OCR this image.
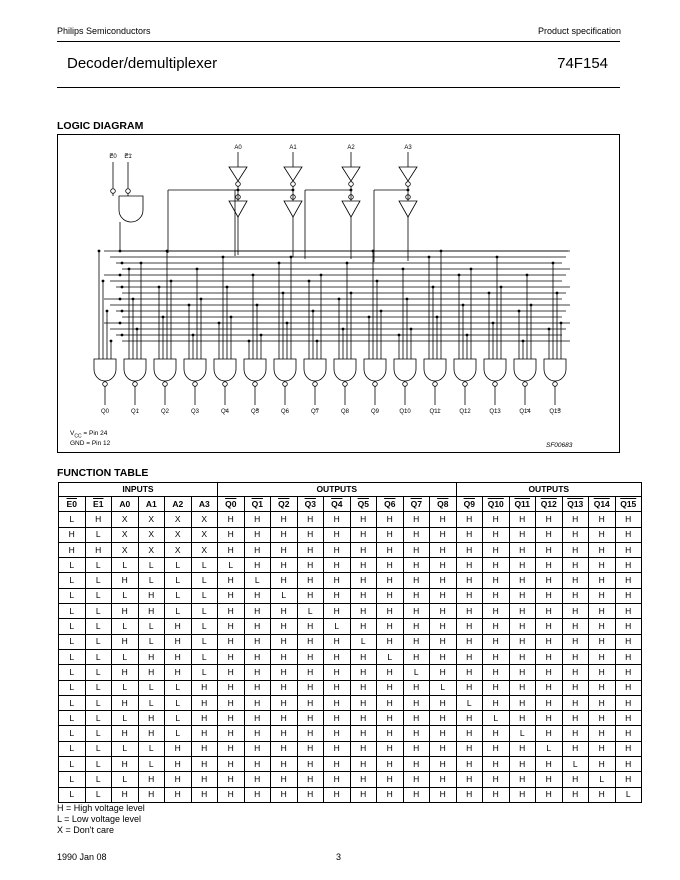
Philips Semiconductors	Product specification
Decoder/demultiplexer	74F154
LOGIC DIAGRAM
E0 E1
A0	A1	A2	A3
Q0	Q1	Q2	Q3	Q4	Q5	Q6	Q7	Q8	Q9	Q10	Q11	Q12	Q13	Q14	Q15
$V_{CC}$ = Pin 24
GND = Pin 12	SF00683
FUNCTION TABLE
INPUTS						OUTPUTS									OUTPUTS						
E0	E1	A0	A1	A2	A3	Q0	Q1	Q2	Q3	Q4	Q5	Q6	Q7	Q8	Q9	Q10	Q11	Q12	Q13	Q14	Q15
L	H	X	X	X	X	H	H	H	H	H	H	H	H	H	H	H	H	H	H	H	H
H	L	X	X	X	X	H	H	H	H	H	H	H	H	H	H	H	H	H	H	H	H
H	H	X	X	X	X	H	H	H	H	H	H	H	H	H	H	H	H	H	H	H	H
L	L	L	L	L	L	L	H	H	H	H	H	H	H	H	H	H	H	H	H	H	H
L	L	H	L	L	L	H	L	H	H	H	H	H	H	H	H	H	H	H	H	H	H
L	L	L	H	L	L	H	H	L	H	H	H	H	H	H	H	H	H	H	H	H	H
L	L	H	H	L	L	H	H	H	L	H	H	H	H	H	H	H	H	H	H	H	H
L	L	L	L	H	L	H	H	H	H	L	H	H	H	H	H	H	H	H	H	H	H
L	L	H	L	H	L	H	H	H	H	H	L	H	H	H	H	H	H	H	H	H	H
L	L	L	H	H	L	H	H	H	H	H	H	L	H	H	H	H	H	H	H	H	H
L	L	H	H	H	L	H	H	H	H	H	H	H	L	H	H	H	H	H	H	H	H
L	L	L	L	L	H	H	H	H	H	H	H	H	H	L	H	H	H	H	H	H	H
L	L	H	L	L	H	H	H	H	H	H	H	H	H	H	L	H	H	H	H	H	H
L	L	L	H	L	H	H	H	H	H	H	H	H	H	H	H	L	H	H	H	H	H
L	L	H	H	L	H	H	H	H	H	H	H	H	H	H	H	H	L	H	H	H	H
L	L	L	L	H	H	H	H	H	H	H	H	H	H	H	H	H	H	L	H	H	H
L	L	H	L	H	H	H	H	H	H	H	H	H	H	H	H	H	H	H	L	H	H
L	L	L	H	H	H	H	H	H	H	H	H	H	H	H	H	H	H	H	H	L	H
L	L	H	H	H	H	H	H	H	H	H	H	H	H	H	H	H	H	H	H	H	L
H = High voltage level
L = Low voltage level
X = Don't care
1990 Jan 08	3
